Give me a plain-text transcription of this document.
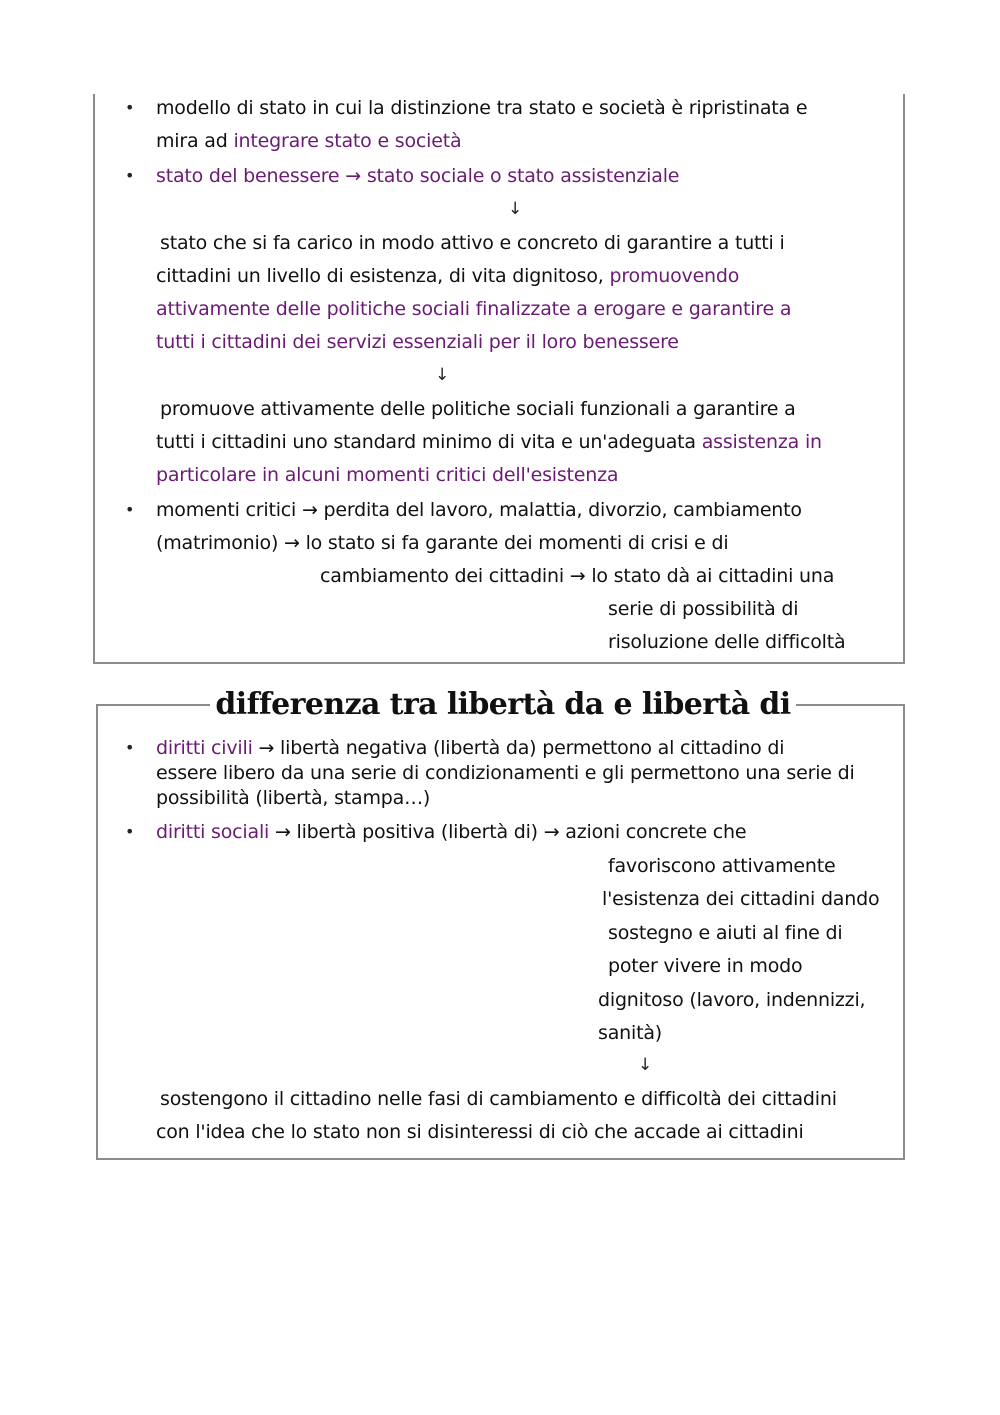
• modello di stato in cui la distinzione tra stato e società è ripristinata e
mira ad integrare stato e società
• stato del benessere → stato sociale o stato assistenziale
↓
stato che si fa carico in modo attivo e concreto di garantire a tutti i
cittadini un livello di esistenza, di vita dignitoso, promuovendo
attivamente delle politiche sociali finalizzate a erogare e garantire a
tutti i cittadini dei servizi essenziali per il loro benessere
↓
promuove attivamente delle politiche sociali funzionali a garantire a
tutti i cittadini uno standard minimo di vita e un'adeguata assistenza in
particolare in alcuni momenti critici dell'esistenza
• momenti critici → perdita del lavoro, malattia, divorzio, cambiamento
(matrimonio) → lo stato si fa garante dei momenti di crisi e di
cambiamento dei cittadini → lo stato dà ai cittadini una
serie di possibilità di
risoluzione delle difficoltà
differenza tra libertà da e libertà di
• diritti civili → libertà negativa (libertà da) permettono al cittadino di
essere libero da una serie di condizionamenti e gli permettono una serie di
possibilità (libertà, stampa…)
• diritti sociali → libertà positiva (libertà di) → azioni concrete che
favoriscono attivamente
l'esistenza dei cittadini dando
sostegno e aiuti al fine di
poter vivere in modo
dignitoso (lavoro, indennizzi,
sanità)
↓
sostengono il cittadino nelle fasi di cambiamento e difficoltà dei cittadini
con l'idea che lo stato non si disinteressi di ciò che accade ai cittadini
